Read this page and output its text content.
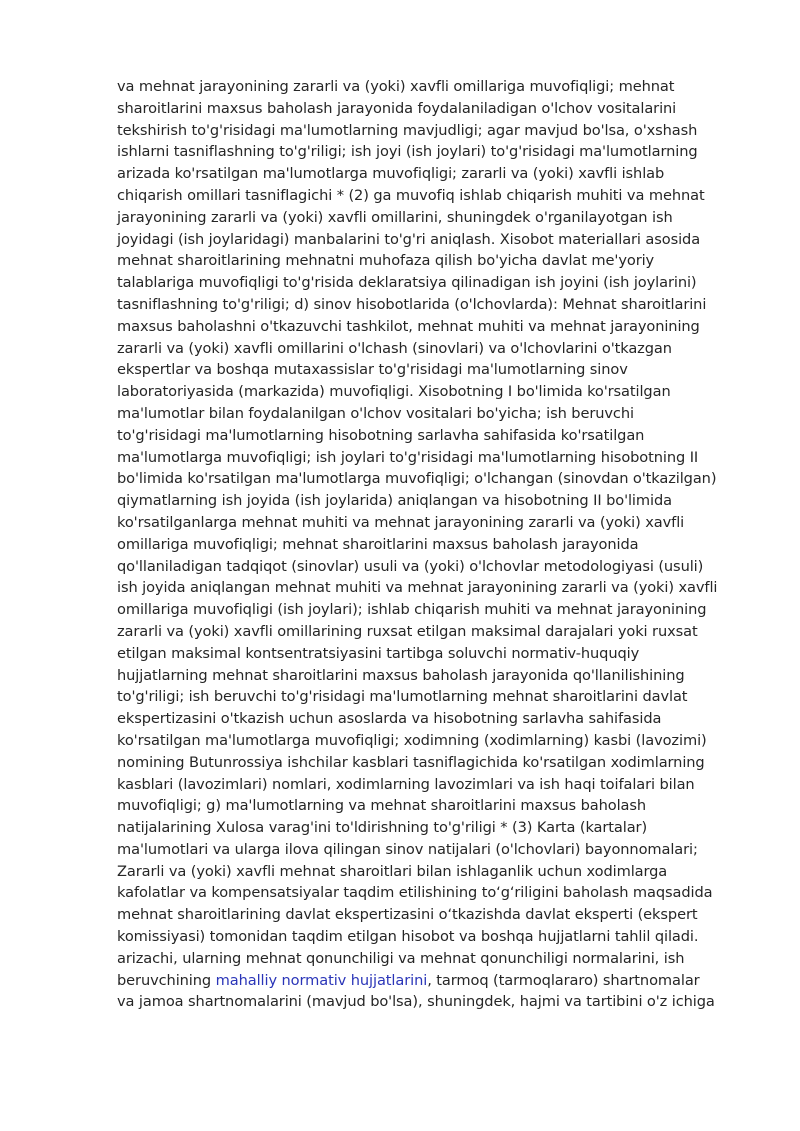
va mehnat jarayonining zararli va (yoki) xavfli omillariga muvofiqligi; mehnat
sharoitlarini maxsus baholash jarayonida foydalaniladigan o'lchov vositalarini
tekshirish to'g'risidagi ma'lumotlarning mavjudligi; agar mavjud bo'lsa, o'xshash
ishlarni tasniflashning to'g'riligi; ish joyi (ish joylari) to'g'risidagi ma'lumotlarning
arizada ko'rsatilgan ma'lumotlarga muvofiqligi; zararli va (yoki) xavfli ishlab
chiqarish omillari tasniflagichi * (2) ga muvofiq ishlab chiqarish muhiti va mehnat
jarayonining zararli va (yoki) xavfli omillarini, shuningdek o'rganilayotgan ish
joyidagi (ish joylaridagi) manbalarini to'g'ri aniqlash. Xisobot materiallari asosida
mehnat sharoitlarining mehnatni muhofaza qilish bo'yicha davlat me'yoriy
talablariga muvofiqligi to'g'risida deklaratsiya qilinadigan ish joyini (ish joylarini)
tasniflashning to'g'riligi; d) sinov hisobotlarida (o'lchovlarda): Mehnat sharoitlarini
maxsus baholashni o'tkazuvchi tashkilot, mehnat muhiti va mehnat jarayonining
zararli va (yoki) xavfli omillarini o'lchash (sinovlari) va o'lchovlarini o'tkazgan
ekspertlar va boshqa mutaxassislar to'g'risidagi ma'lumotlarning sinov
laboratoriyasida (markazida) muvofiqligi. Xisobotning I bo'limida ko'rsatilgan
ma'lumotlar bilan foydalanilgan o'lchov vositalari bo'yicha; ish beruvchi
to'g'risidagi ma'lumotlarning hisobotning sarlavha sahifasida ko'rsatilgan
ma'lumotlarga muvofiqligi; ish joylari to'g'risidagi ma'lumotlarning hisobotning II
bo'limida ko'rsatilgan ma'lumotlarga muvofiqligi; o'lchangan (sinovdan o'tkazilgan)
qiymatlarning ish joyida (ish joylarida) aniqlangan va hisobotning II bo'limida
ko'rsatilganlarga mehnat muhiti va mehnat jarayonining zararli va (yoki) xavfli
omillariga muvofiqligi; mehnat sharoitlarini maxsus baholash jarayonida
qo'llaniladigan tadqiqot (sinovlar) usuli va (yoki) o'lchovlar metodologiyasi (usuli)
ish joyida aniqlangan mehnat muhiti va mehnat jarayonining zararli va (yoki) xavfli
omillariga muvofiqligi (ish joylari); ishlab chiqarish muhiti va mehnat jarayonining
zararli va (yoki) xavfli omillarining ruxsat etilgan maksimal darajalari yoki ruxsat
etilgan maksimal kontsentratsiyasini tartibga soluvchi normativ-huquqiy
hujjatlarning mehnat sharoitlarini maxsus baholash jarayonida qo'llanilishining
to'g'riligi; ish beruvchi to'g'risidagi ma'lumotlarning mehnat sharoitlarini davlat
ekspertizasini o'tkazish uchun asoslarda va hisobotning sarlavha sahifasida
ko'rsatilgan ma'lumotlarga muvofiqligi; xodimning (xodimlarning) kasbi (lavozimi)
nomining Butunrossiya ishchilar kasblari tasniflagichida ko'rsatilgan xodimlarning
kasblari (lavozimlari) nomlari, xodimlarning lavozimlari va ish haqi toifalari bilan
muvofiqligi; g) ma'lumotlarning va mehnat sharoitlarini maxsus baholash
natijalarining Xulosa varag'ini to'ldirishning to'g'riligi * (3) Karta (kartalar)
ma'lumotlari va ularga ilova qilingan sinov natijalari (o'lchovlari) bayonnomalari;
Zararli va (yoki) xavfli mehnat sharoitlari bilan ishlaganlik uchun xodimlarga
kafolatlar va kompensatsiyalar taqdim etilishining to‘g‘riligini baholash maqsadida
mehnat sharoitlarining davlat ekspertizasini o‘tkazishda davlat eksperti (ekspert
komissiyasi) tomonidan taqdim etilgan hisobot va boshqa hujjatlarni tahlil qiladi.
arizachi, ularning mehnat qonunchiligi va mehnat qonunchiligi normalarini, ish
beruvchining mahalliy normativ hujjatlarini, tarmoq (tarmoqlararo) shartnomalar
va jamoa shartnomalarini (mavjud bo'lsa), shuningdek, hajmi va tartibini o'z ichiga
